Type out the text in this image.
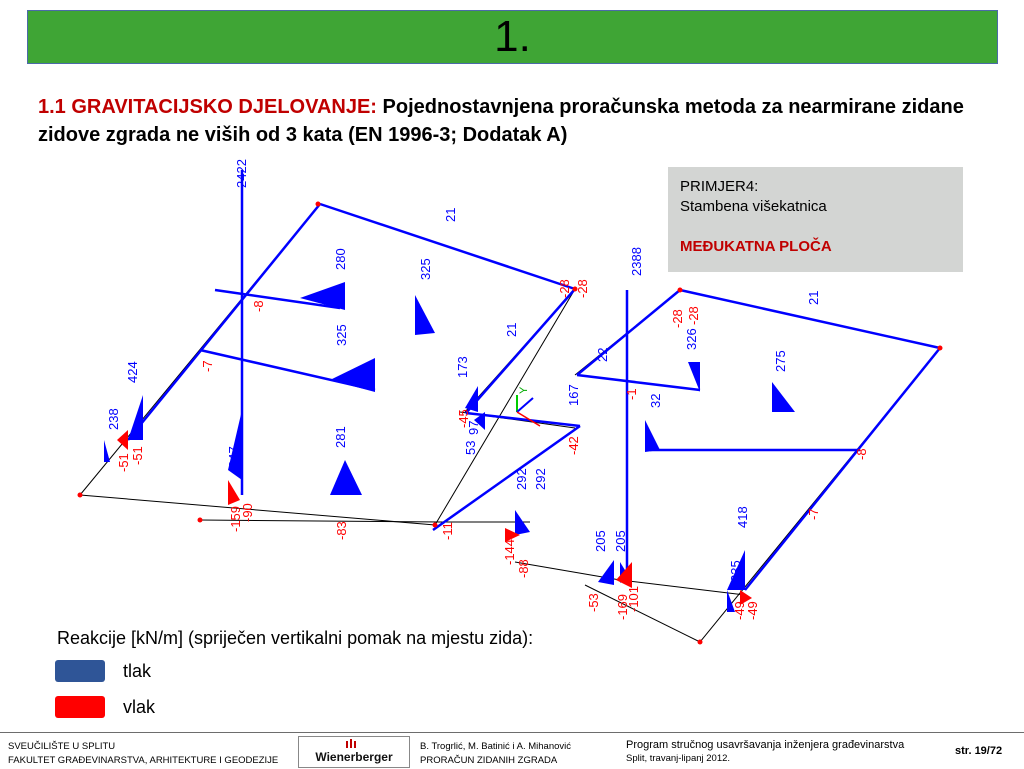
1.
1.1 GRAVITACIJSKO DJELOVANJE: Pojednostavnjena proračunska metoda za nearmirane zidane zidove zgrada ne viših od 3 kata (EN 1996-3; Dodatak A)
PRIMJER4:
Stambena višekatnica
MEĐUKATNA PLOČA
Y
2422
21
280	325
325
424
238
281
173
53
97
21
167
22
2388
326
21
275
32
292 292
205 205
418
235
247
-8
-28 -28
-7
-51 -51
-83	-11
-144
-88
-42
-45
-28 -28
-8
-7
-53 -169
-101	-49
-49
-159
-90
-1
Reakcije [kN/m] (spriječen vertikalni pomak na mjestu zida):
tlak
vlak
SVEUČILIŠTE U SPLITU
FAKULTET GRAĐEVINARSTVA, ARHITEKTURE I GEODEZIJE	Wienerberger
B. Trogrlić, M. Batinić i A. Mihanović
PRORAČUN ZIDANIH ZGRADA
Program stručnog usavršavanja inženjera građevinarstva
Split, travanj-lipanj 2012.
str. 19/72
